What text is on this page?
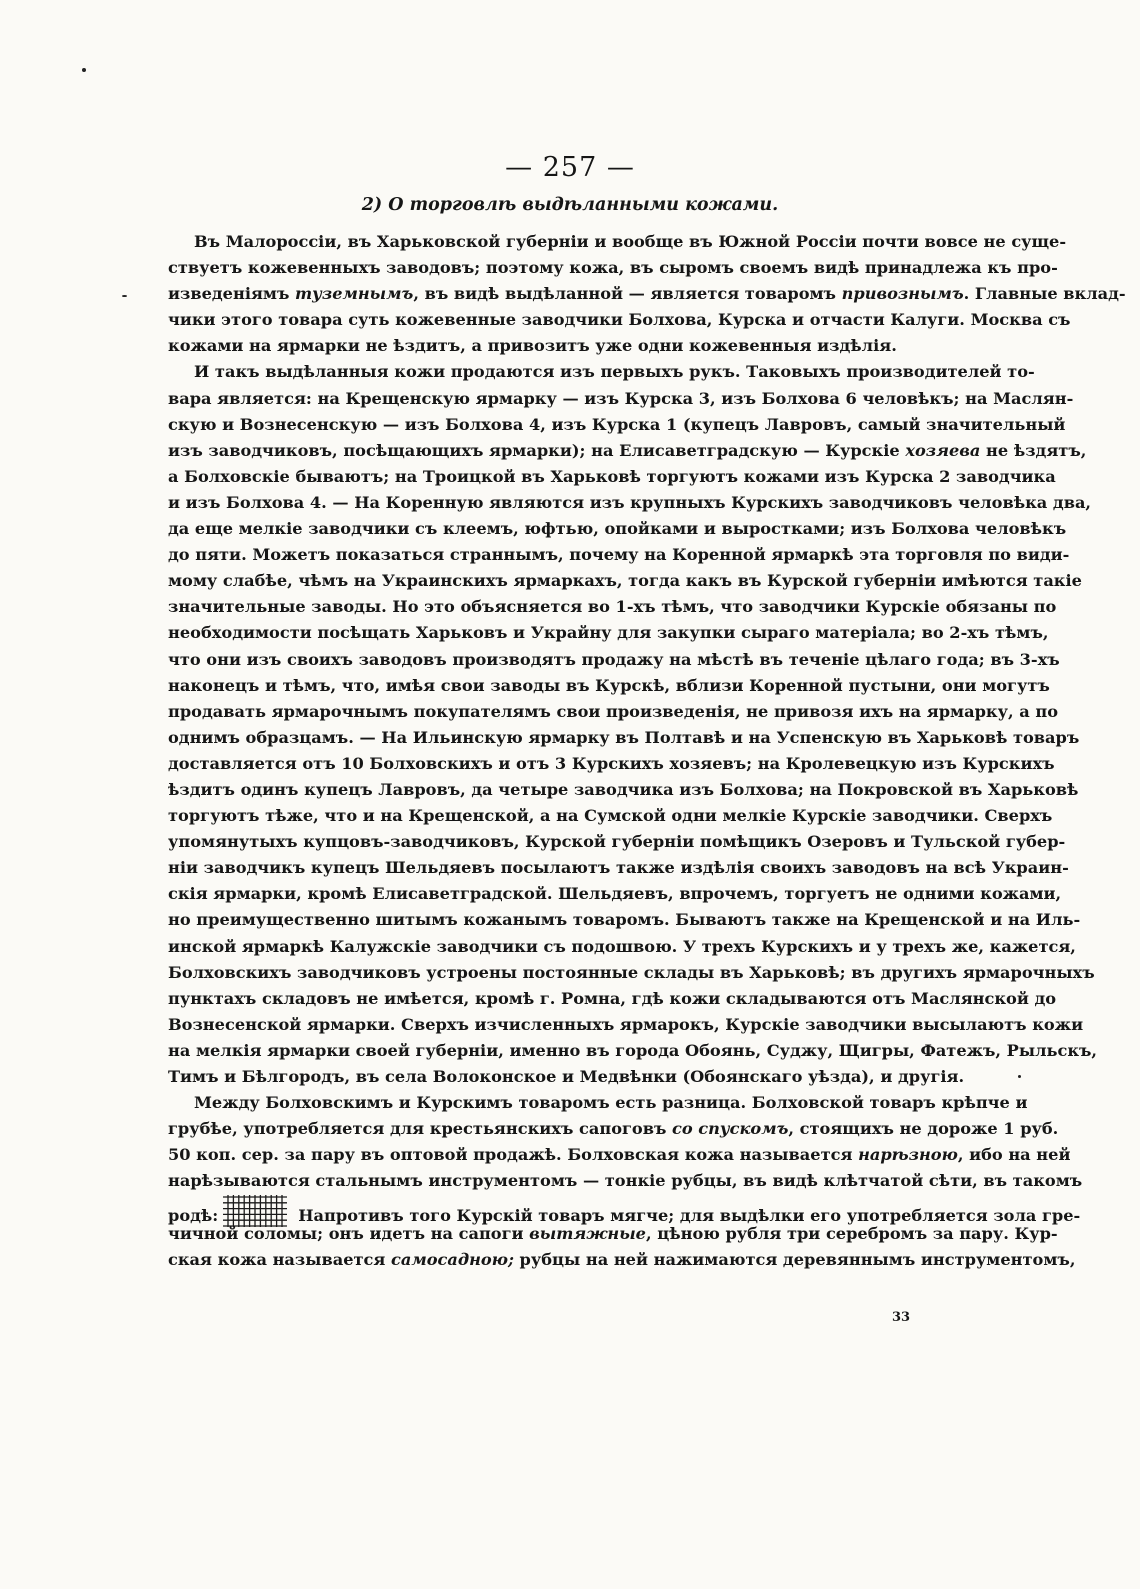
— 257 —
2) О торговлѣ выдѣланными кожами.
Въ Малороссіи, въ Харьковской губерніи и вообще въ Южной Россіи почти вовсе не суще-
ствуетъ кожевенныхъ заводовъ; поэтому кожа, въ сыромъ своемъ видѣ принадлежа къ про-
изведеніямъ туземнымъ, въ видѣ выдѣланной — является товаромъ привознымъ. Главные вклад-
чики этого товара суть кожевенные заводчики Болхова, Курска и отчасти Калуги. Москва съ
кожами на ярмарки не ѣздитъ, а привозитъ уже одни кожевенныя издѣлія.
И такъ выдѣланныя кожи продаются изъ первыхъ рукъ. Таковыхъ производителей то-
вара является: на Крещенскую ярмарку — изъ Курска 3, изъ Болхова 6 человѣкъ; на Маслян-
скую и Вознесенскую — изъ Болхова 4, изъ Курска 1 (купецъ Лавровъ, самый значительный
изъ заводчиковъ, посѣщающихъ ярмарки); на Елисаветградскую — Курскіе хозяева не ѣздятъ,
а Болховскіе бываютъ; на Троицкой въ Харьковѣ торгуютъ кожами изъ Курска 2 заводчика
и изъ Болхова 4. — На Коренную являются изъ крупныхъ Курскихъ заводчиковъ человѣка два,
да еще мелкіе заводчики съ клеемъ, юфтью, опойками и выростками; изъ Болхова человѣкъ
до пяти. Можетъ показаться страннымъ, почему на Коренной ярмаркѣ эта торговля по види-
мому слабѣе, чѣмъ на Украинскихъ ярмаркахъ, тогда какъ въ Курской губерніи имѣются такіе
значительные заводы. Но это объясняется во 1-хъ тѣмъ, что заводчики Курскіе обязаны по
необходимости посѣщать Харьковъ и Украйну для закупки сыраго матеріала; во 2-хъ тѣмъ,
что они изъ своихъ заводовъ производятъ продажу на мѣстѣ въ теченіе цѣлаго года; въ 3-хъ
наконецъ и тѣмъ, что, имѣя свои заводы въ Курскѣ, вблизи Коренной пустыни, они могутъ
продавать ярмарочнымъ покупателямъ свои произведенія, не привозя ихъ на ярмарку, а по
однимъ образцамъ. — На Ильинскую ярмарку въ Полтавѣ и на Успенскую въ Харьковѣ товаръ
доставляется отъ 10 Болховскихъ и отъ 3 Курскихъ хозяевъ; на Кролевецкую изъ Курскихъ
ѣздитъ одинъ купецъ Лавровъ, да четыре заводчика изъ Болхова; на Покровской въ Харьковѣ
торгуютъ тѣже, что и на Крещенской, а на Сумской одни мелкіе Курскіе заводчики. Сверхъ
упомянутыхъ купцовъ-заводчиковъ, Курской губерніи помѣщикъ Озеровъ и Тульской губер-
ніи заводчикъ купецъ Шельдяевъ посылаютъ также издѣлія своихъ заводовъ на всѣ Украин-
скія ярмарки, кромѣ Елисаветградской. Шельдяевъ, впрочемъ, торгуетъ не одними кожами,
но преимущественно шитымъ кожанымъ товаромъ. Бываютъ также на Крещенской и на Иль-
инской ярмаркѣ Калужскіе заводчики съ подошвою. У трехъ Курскихъ и у трехъ же, кажется,
Болховскихъ заводчиковъ устроены постоянные склады въ Харьковѣ; въ другихъ ярмарочныхъ
пунктахъ складовъ не имѣется, кромѣ г. Ромна, гдѣ кожи складываются отъ Маслянской до
Вознесенской ярмарки. Сверхъ изчисленныхъ ярмарокъ, Курскіе заводчики высылаютъ кожи
на мелкія ярмарки своей губерніи, именно въ города Обоянь, Суджу, Щигры, Фатежъ, Рыльскъ,
Тимъ и Бѣлгородъ, въ села Волоконское и Медвѣнки (Обоянскаго уѣзда), и другія.
Между Болховскимъ и Курскимъ товаромъ есть разница. Болховской товаръ крѣпче и
грубѣе, употребляется для крестьянскихъ сапоговъ со спускомъ, стоящихъ не дороже 1 руб.
50 коп. сер. за пару въ оптовой продажѣ. Болховская кожа называется нарѣзною, ибо на ней
нарѣзываются стальнымъ инструментомъ — тонкіе рубцы, въ видѣ клѣтчатой сѣти, въ такомъ
родѣ:	Напротивъ того Курскій товаръ мягче; для выдѣлки его употребляется зола гре-
чичной соломы; онъ идетъ на сапоги вытяжные, цѣною рубля три серебромъ за пару. Кур-
ская кожа называется самосадною; рубцы на ней нажимаются деревяннымъ инструментомъ,
33
